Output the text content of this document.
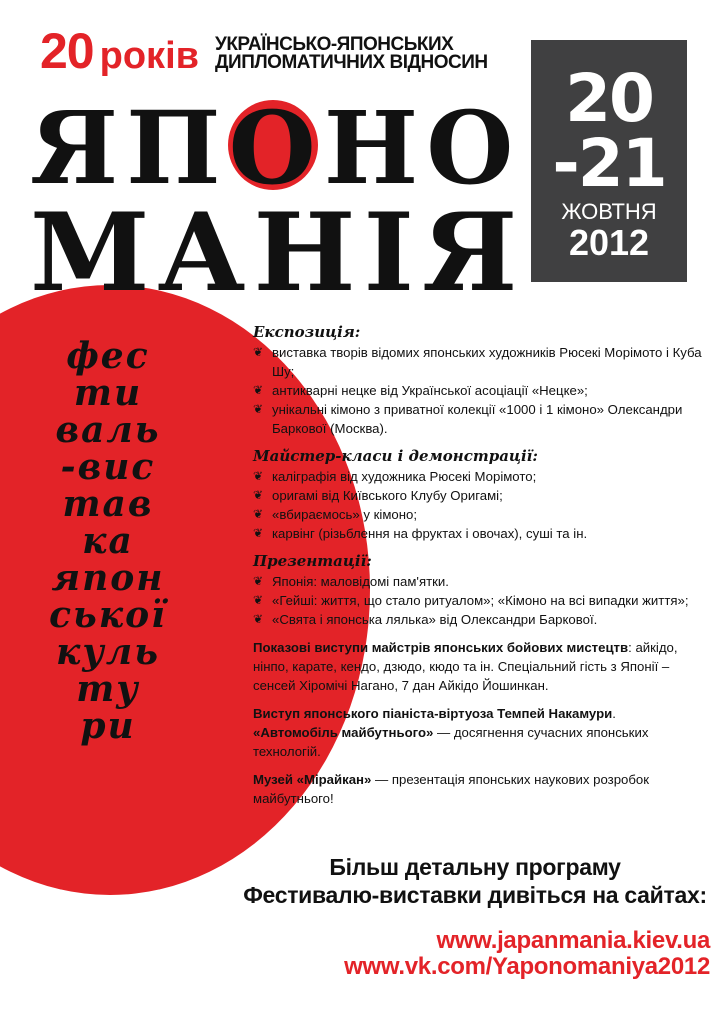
20 років УКРАЇНСЬКО-ЯПОНСЬКИХ
ДИПЛОМАТИЧНИХ ВІДНОСИН
ЯПОНО
МАНІЯ
20
-21
ЖОВТНЯ
2012
фес
ти
валь
-вис
тав
ка
япон
ської
куль
ту
ри
Експозиція:
❦ виставка творів відомих японських художників Рюсекі Морімото і Куба Шу;
❦ антикварні нецке від Української асоціації «Нецке»;
❦ унікальні кімоно з приватної колекції «1000 і 1 кімоно» Олександри Баркової (Москва).
Майстер-класи і демонстрації:
❦ каліграфія від художника Рюсекі Морімото;
❦ оригамі від Київського Клубу Оригамі;
❦ «вбираємось» у кімоно;
❦ карвінг (різьблення на фруктах і овочах), суші та ін.
Презентації:
❦ Японія: маловідомі пам'ятки.
❦ «Гейші: життя, що стало ритуалом»; «Кімоно на всі випадки життя»;
❦ «Свята і японська лялька» від Олександри Баркової.
Показові виступи майстрів японських бойових мистецтв: айкідо, нінпо, карате, кендо, дзюдо, кюдо та ін. Спеціальний гість з Японії – сенсей Хіромічі Нагано, 7 дан Айкідо Йошинкан.
Виступ японського піаніста-віртуоза Темпей Накамури.
«Автомобіль майбутнього» — досягнення сучасних японських технологій.
Музей «Мірайкан» — презентація японських наукових розробок майбутнього!
Більш детальну програму
Фестивалю-виставки дивіться на сайтах:
www.japanmania.kiev.ua
www.vk.com/Yaponomaniya2012
